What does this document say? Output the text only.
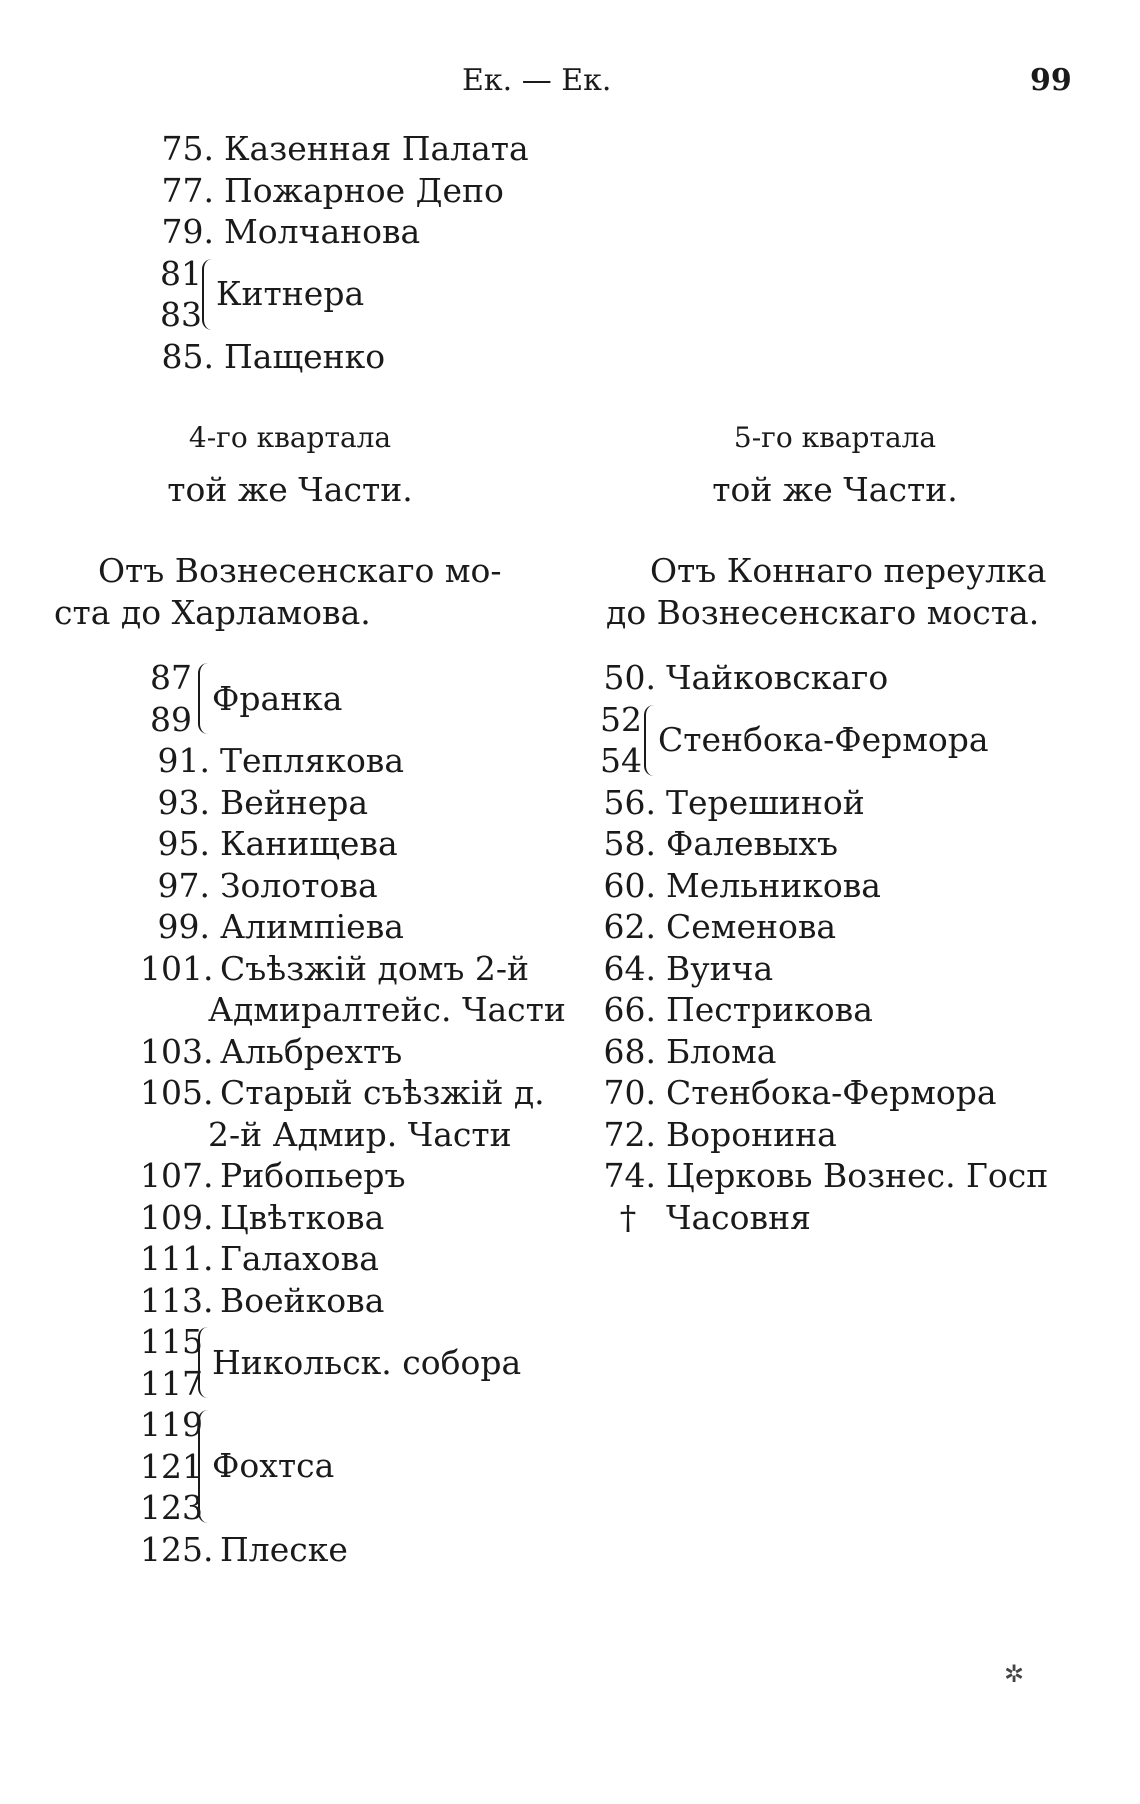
Ек. — Ек.	99
75. Казенная Палата
77. Пожарное Депо
79. Молчанова
81
83
Китнера
85. Пащенко
4-го квартала
той же Части.
Отъ Вознесенскаго мо-
ста до Харламова.
5-го квартала
той же Части.
Отъ Коннаго переулка
до Вознесенскаго моста.
87
89
Франка
91. Теплякова
93. Вейнера
95. Канищева
97. Золотова
99. Алимпіева
101. Съѣзжій домъ 2-й
Адмиралтейс. Части
103. Альбрехтъ
105. Старый съѣзжій д.
2-й Адмир. Части
107. Рибопьеръ
109. Цвѣткова
111. Галахова
113. Воейкова
115
117
Никольск. собора
119
121
123
Фохтса
125. Плеске
50. Чайковскаго
52
54
Стенбока-Фермора
56. Терешиной
58. Фалевыхъ
60. Мельникова
62. Семенова
64. Вуича
66. Пестрикова
68. Блома
70. Стенбока-Фермора
72. Воронина
74. Церковь Вознес. Госп
† Часовня
✲
